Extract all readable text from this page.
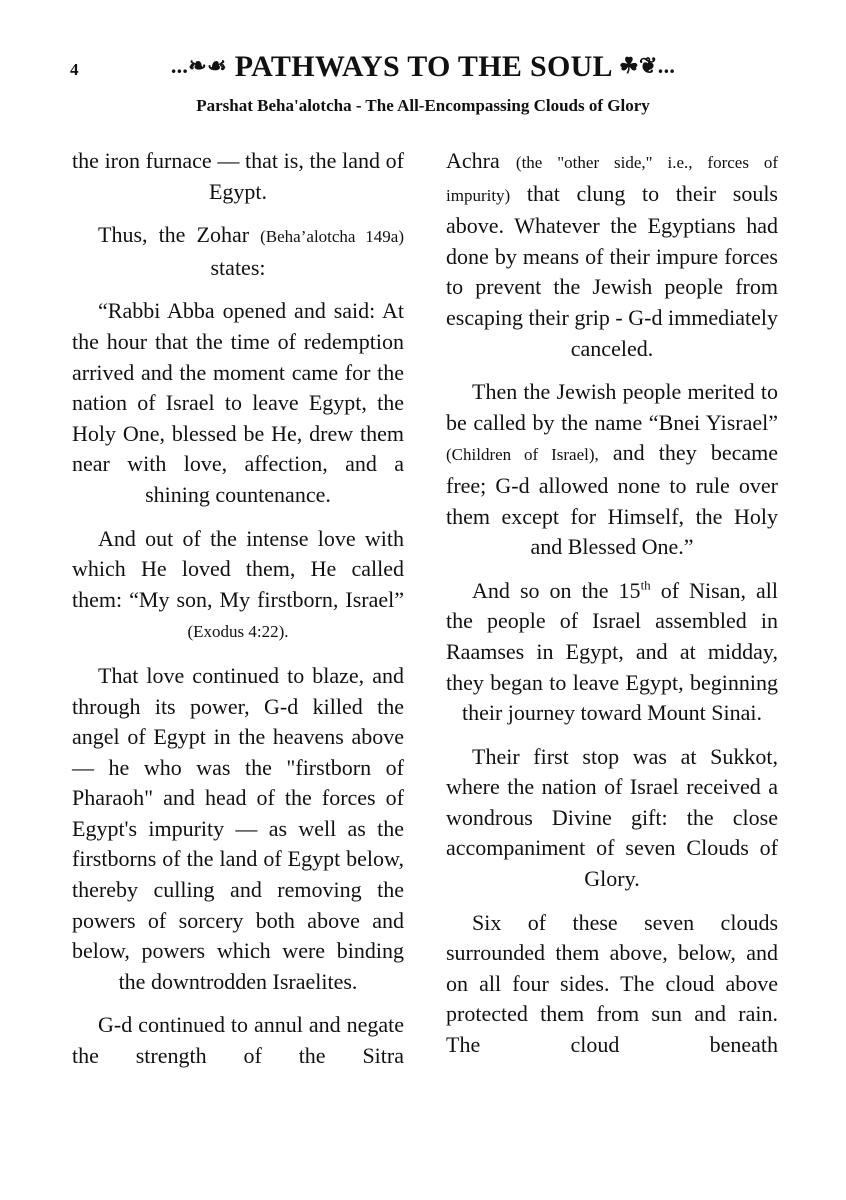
4	...❧☙ PATHWAYS TO THE SOUL ☘❦...
Parshat Beha'alotcha - The All-Encompassing Clouds of Glory

the iron furnace — that is, the land of Egypt.

Thus, the Zohar (Beha’alotcha 149a) states:

“Rabbi Abba opened and said: At the hour that the time of redemption arrived and the moment came for the nation of Israel to leave Egypt, the Holy One, blessed be He, drew them near with love, affection, and a shining countenance.

And out of the intense love with which He loved them, He called them: “My son, My firstborn, Israel” (Exodus 4:22).

That love continued to blaze, and through its power, G-d killed the angel of Egypt in the heavens above — he who was the "firstborn of Pharaoh" and head of the forces of Egypt's impurity — as well as the firstborns of the land of Egypt below, thereby culling and removing the powers of sorcery both above and below, powers which were binding the downtrodden Israelites.

G-d continued to annul and negate the strength of the Sitra

Achra (the "other side," i.e., forces of impurity) that clung to their souls above. Whatever the Egyptians had done by means of their impure forces to prevent the Jewish people from escaping their grip - G-d immediately canceled.

Then the Jewish people merited to be called by the name “Bnei Yisrael” (Children of Israel), and they became free; G-d allowed none to rule over them except for Himself, the Holy and Blessed One.”

And so on the 15th of Nisan, all the people of Israel assembled in Raamses in Egypt, and at midday, they began to leave Egypt, beginning their journey toward Mount Sinai.

Their first stop was at Sukkot, where the nation of Israel received a wondrous Divine gift: the close accompaniment of seven Clouds of Glory.

Six of these seven clouds surrounded them above, below, and on all four sides. The cloud above protected them from sun and rain. The cloud beneath
